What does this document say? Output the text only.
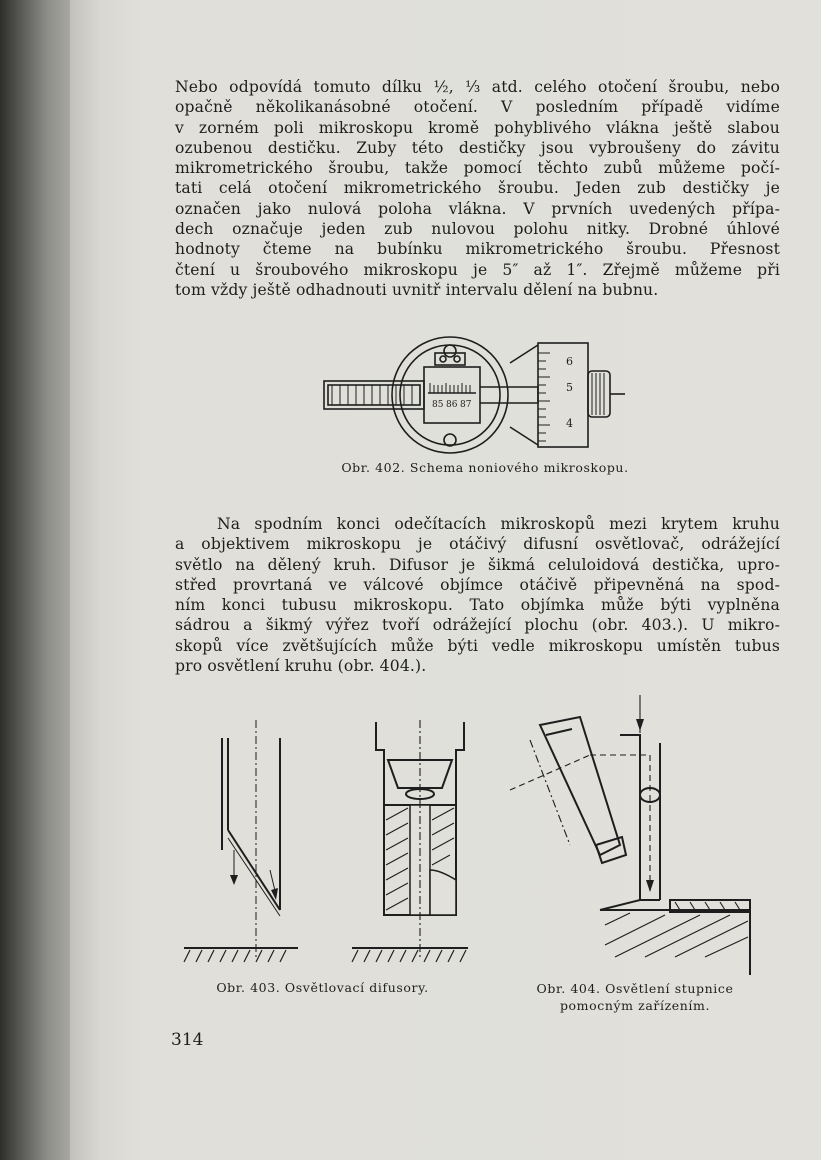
Nebo odpovídá tomuto dílku ½, ⅓ atd. celého otočení šroubu, nebo
opačně několikanásobné otočení. V posledním případě vidíme
v zorném poli mikroskopu kromě pohyblivého vlákna ještě slabou
ozubenou destičku. Zuby této destičky jsou vybroušeny do závitu
mikrometrického šroubu, takže pomocí těchto zubů můžeme počí-
tati celá otočení mikrometrického šroubu. Jeden zub destičky je
označen jako nulová poloha vlákna. V prvních uvedených přípa-
dech označuje jeden zub nulovou polohu nitky. Drobné úhlové
hodnoty čteme na bubínku mikrometrického šroubu. Přesnost
čtení u šroubového mikroskopu je 5″ až 1″. Zřejmě můžeme při
tom vždy ještě odhadnouti uvnitř intervalu dělení na bubnu.
85 86 87
6
5
4
Obr. 402. Schema noniového mikroskopu.
Na spodním konci odečítacích mikroskopů mezi krytem kruhu
a objektivem mikroskopu je otáčivý difusní osvětlovač, odrážející
světlo na dělený kruh. Difusor je šikmá celuloidová destička, upro-
střed provrtaná ve válcové objímce otáčivě připevněná na spod-
ním konci tubusu mikroskopu. Tato objímka může býti vyplněna
sádrou a šikmý výřez tvoří odrážející plochu (obr. 403.). U mikro-
skopů více zvětšujících může býti vedle mikroskopu umístěn tubus
pro osvětlení kruhu (obr. 404.).
Obr. 403. Osvětlovací difusory.	Obr. 404. Osvětlení stupnice
pomocným zařízením.
314
